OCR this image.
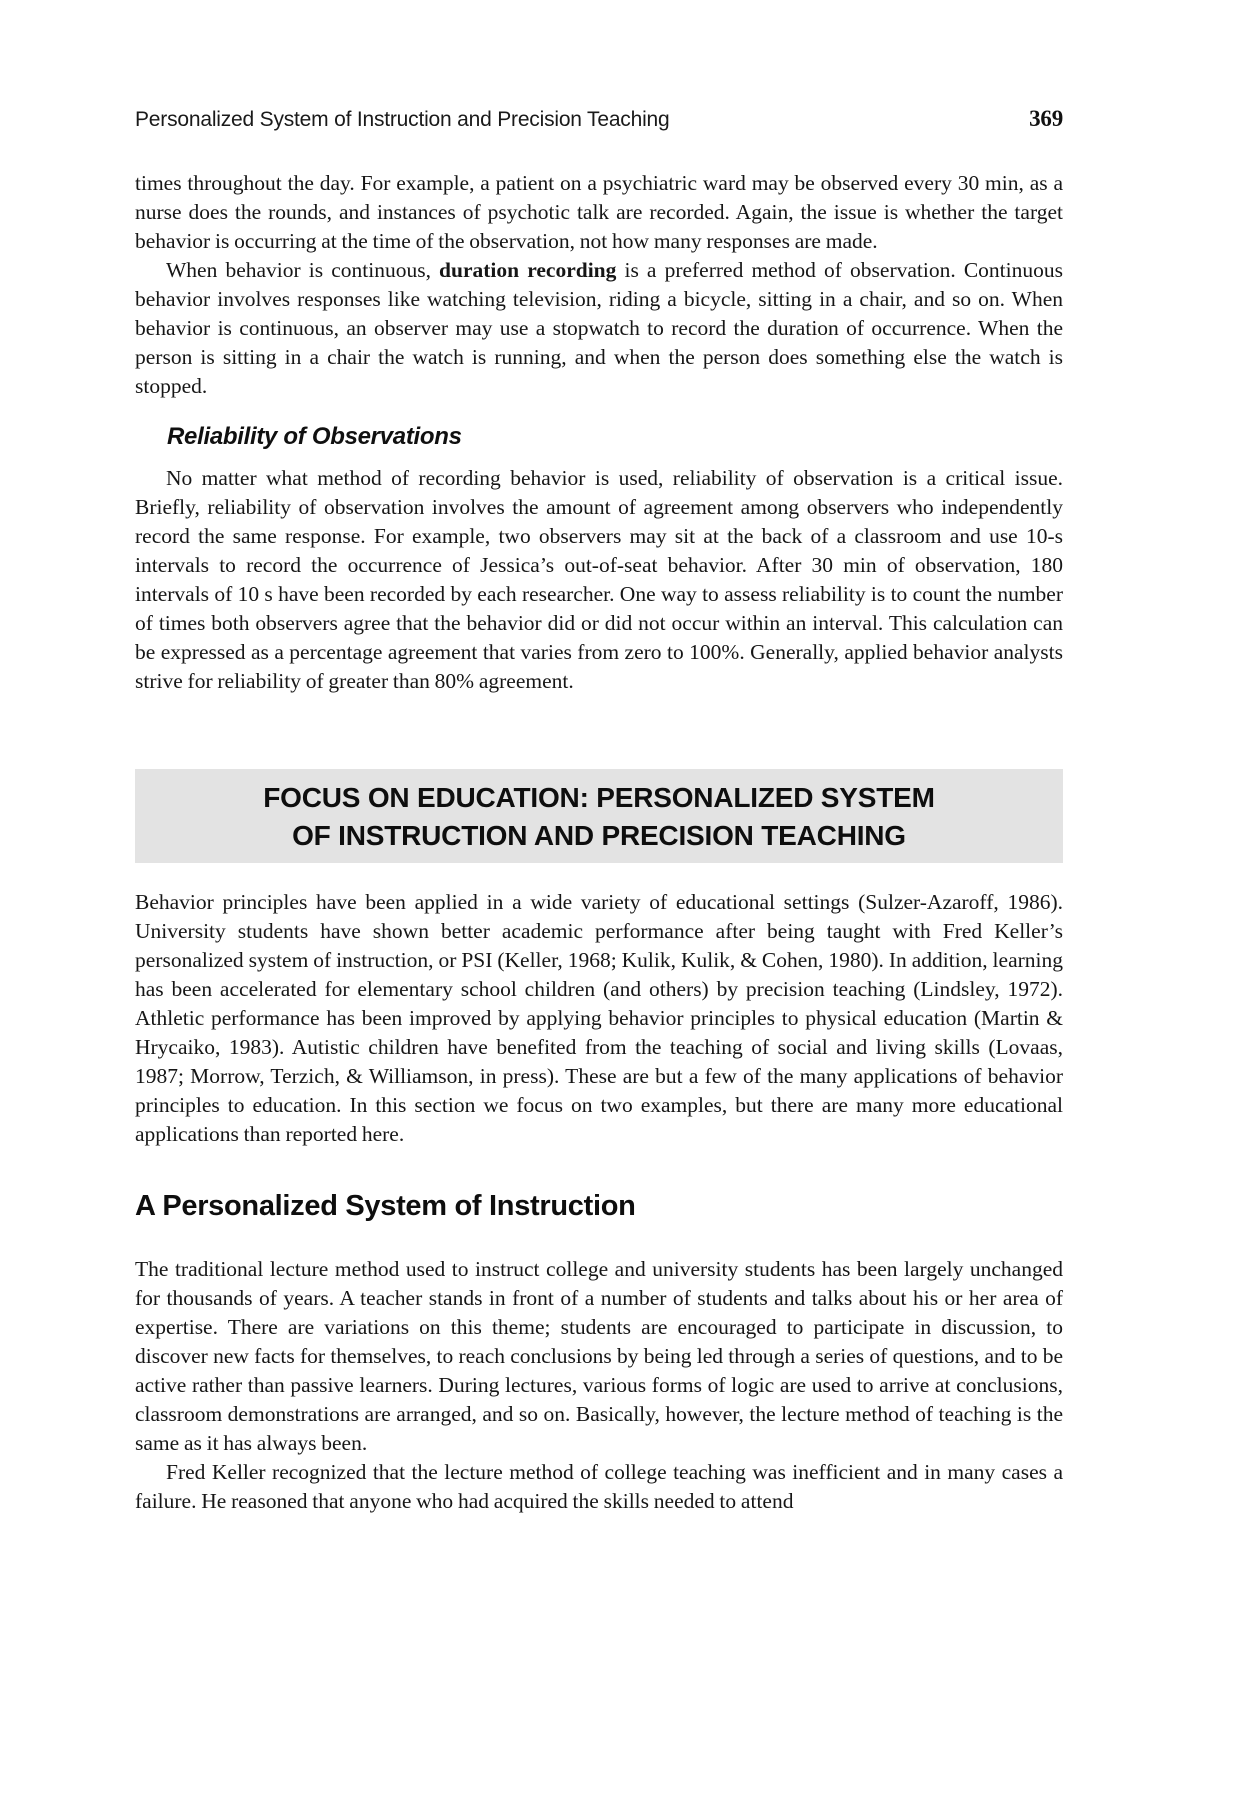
Personalized System of Instruction and Precision Teaching	369

times throughout the day. For example, a patient on a psychiatric ward may be observed every 30 min, as a nurse does the rounds, and instances of psychotic talk are recorded. Again, the issue is whether the target behavior is occurring at the time of the observation, not how many responses are made.

When behavior is continuous, duration recording is a preferred method of observation. Continuous behavior involves responses like watching television, riding a bicycle, sitting in a chair, and so on. When behavior is continuous, an observer may use a stopwatch to record the duration of occurrence. When the person is sitting in a chair the watch is running, and when the person does something else the watch is stopped.

Reliability of Observations

No matter what method of recording behavior is used, reliability of observation is a critical issue. Briefly, reliability of observation involves the amount of agreement among observers who independently record the same response. For example, two observers may sit at the back of a classroom and use 10-s intervals to record the occurrence of Jessica’s out-of-seat behavior. After 30 min of observation, 180 intervals of 10 s have been recorded by each researcher. One way to assess reliability is to count the number of times both observers agree that the behavior did or did not occur within an interval. This calculation can be expressed as a percentage agreement that varies from zero to 100%. Generally, applied behavior analysts strive for reliability of greater than 80% agreement.

FOCUS ON EDUCATION: PERSONALIZED SYSTEM
OF INSTRUCTION AND PRECISION TEACHING

Behavior principles have been applied in a wide variety of educational settings (Sulzer-Azaroff, 1986). University students have shown better academic performance after being taught with Fred Keller’s personalized system of instruction, or PSI (Keller, 1968; Kulik, Kulik, & Cohen, 1980). In addition, learning has been accelerated for elementary school children (and others) by precision teaching (Lindsley, 1972). Athletic performance has been improved by applying behavior principles to physical education (Martin & Hrycaiko, 1983). Autistic children have benefited from the teaching of social and living skills (Lovaas, 1987; Morrow, Terzich, & Williamson, in press). These are but a few of the many applications of behavior principles to education. In this section we focus on two examples, but there are many more educational applications than reported here.

A Personalized System of Instruction

The traditional lecture method used to instruct college and university students has been largely unchanged for thousands of years. A teacher stands in front of a number of students and talks about his or her area of expertise. There are variations on this theme; students are encouraged to participate in discussion, to discover new facts for themselves, to reach conclusions by being led through a series of questions, and to be active rather than passive learners. During lectures, various forms of logic are used to arrive at conclusions, classroom demonstrations are arranged, and so on. Basically, however, the lecture method of teaching is the same as it has always been.

Fred Keller recognized that the lecture method of college teaching was inefficient and in many cases a failure. He reasoned that anyone who had acquired the skills needed to attend
